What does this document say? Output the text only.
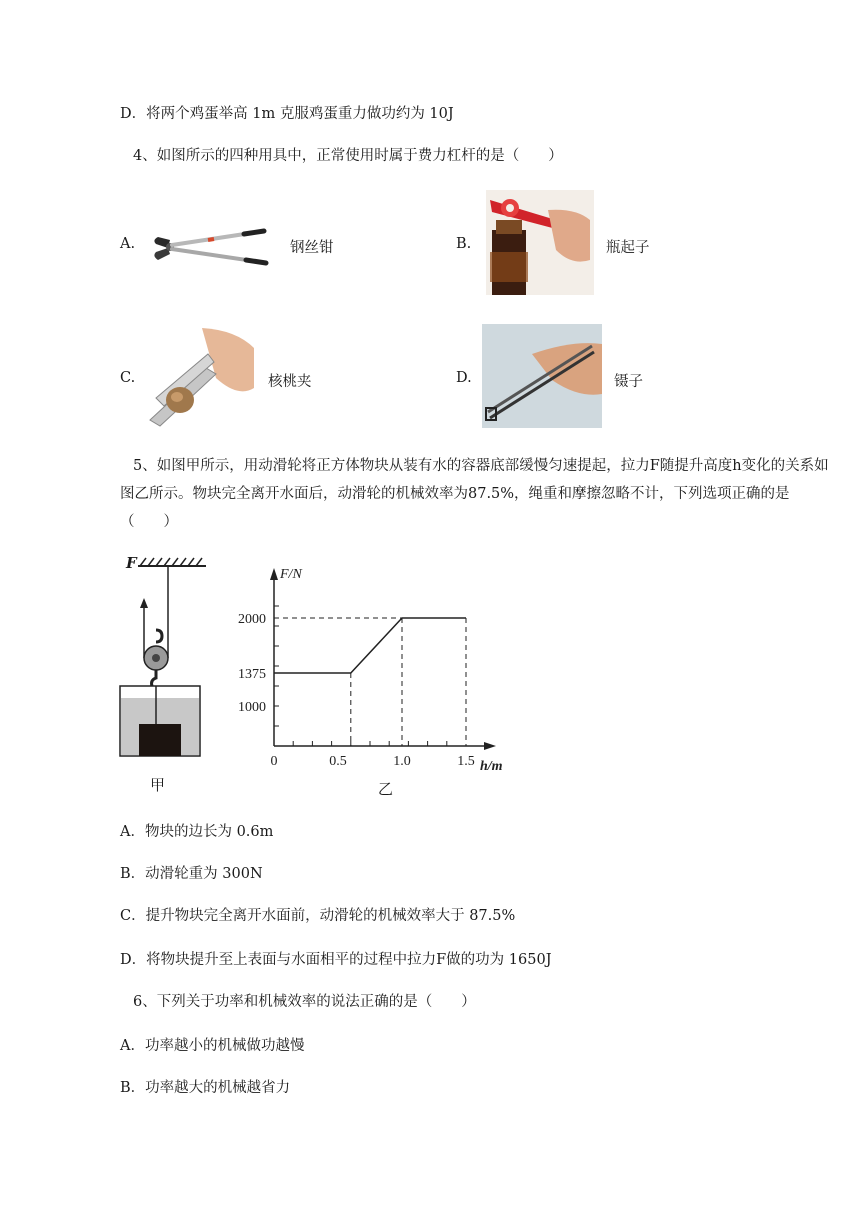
D．将两个鸡蛋举高 1m 克服鸡蛋重力做功约为 10J
4、如图所示的四种用具中，正常使用时属于费力杠杆的是（　　）
A.	钢丝钳	B.	瓶起子
C.	核桃夹	D.	镊子
5、如图甲所示，用动滑轮将正方体物块从装有水的容器底部缓慢匀速提起，拉力F随提升高度h变化的关系如图乙所示。物块完全离开水面后，动滑轮的机械效率为87.5%，绳重和摩擦忽略不计，下列选项正确的是（　　）
F
甲
0	0.5	1.0	1.5
1000
1375
2000
F/N
h/m
乙
A．物块的边长为 0.6m
B．动滑轮重为 300N
C．提升物块完全离开水面前，动滑轮的机械效率大于 87.5%
D．将物块提升至上表面与水面相平的过程中拉力F做的功为 1650J
6、下列关于功率和机械效率的说法正确的是（　　）
A．功率越小的机械做功越慢
B．功率越大的机械越省力
